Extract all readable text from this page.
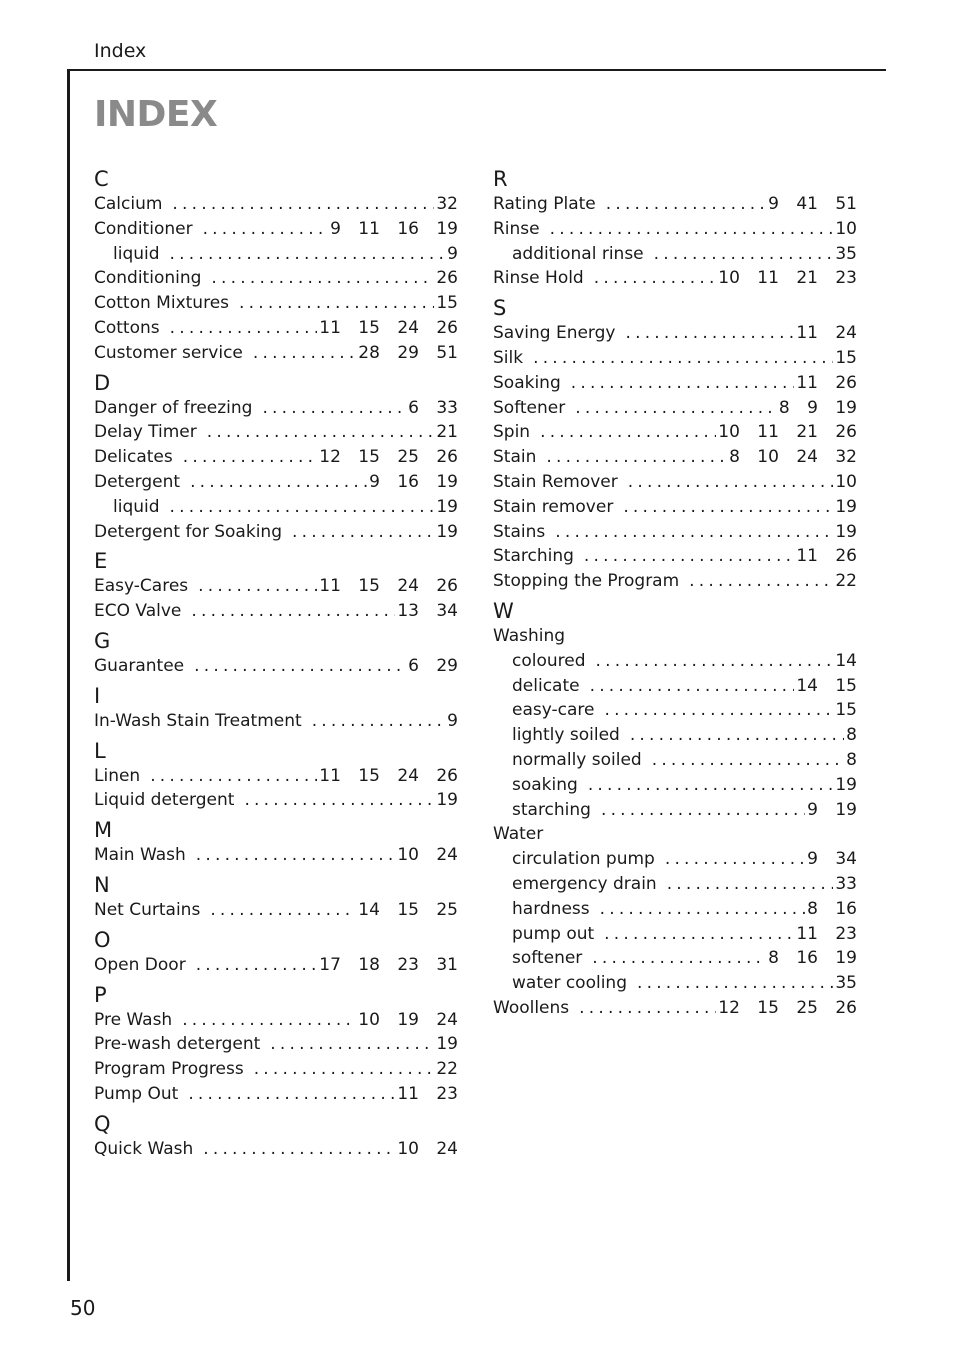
Index
INDEX
C
Calcium .....	32
Conditioner .....	9 11 16 19
liquid .....	9
Conditioning .....	26
Cotton Mixtures .....	15
Cottons .....	11 15 24 26
Customer service .....	28 29 51
D
Danger of freezing .....	6 33
Delay Timer .....	21
Delicates .....	12 15 25 26
Detergent .....	9 16 19
liquid .....	19
Detergent for Soaking .....	19
E
Easy-Cares .....	11 15 24 26
ECO Valve .....	13 34
G
Guarantee .....	6 29
I
In-Wash Stain Treatment .....	9
L
Linen .....	11 15 24 26
Liquid detergent .....	19
M
Main Wash .....	10 24
N
Net Curtains .....	14 15 25
O
Open Door .....	17 18 23 31
P
Pre Wash .....	10 19 24
Pre-wash detergent .....	19
Program Progress .....	22
Pump Out .....	11 23
Q
Quick Wash .....	10 24
R
Rating Plate .....	9 41 51
Rinse .....	10
additional rinse .....	35
Rinse Hold .....	10 11 21 23
S
Saving Energy .....	11 24
Silk .....	15
Soaking .....	11 26
Softener .....	8 9 19
Spin .....	10 11 21 26
Stain .....	8 10 24 32
Stain Remover .....	10
Stain remover .....	19
Stains .....	19
Starching .....	11 26
Stopping the Program .....	22
W
Washing
coloured .....	14
delicate .....	14 15
easy-care .....	15
lightly soiled .....	8
normally soiled .....	8
soaking .....	19
starching .....	9 19
Water
circulation pump .....	9 34
emergency drain .....	33
hardness .....	8 16
pump out .....	11 23
softener .....	8 16 19
water cooling .....	35
Woollens .....	12 15 25 26
50
